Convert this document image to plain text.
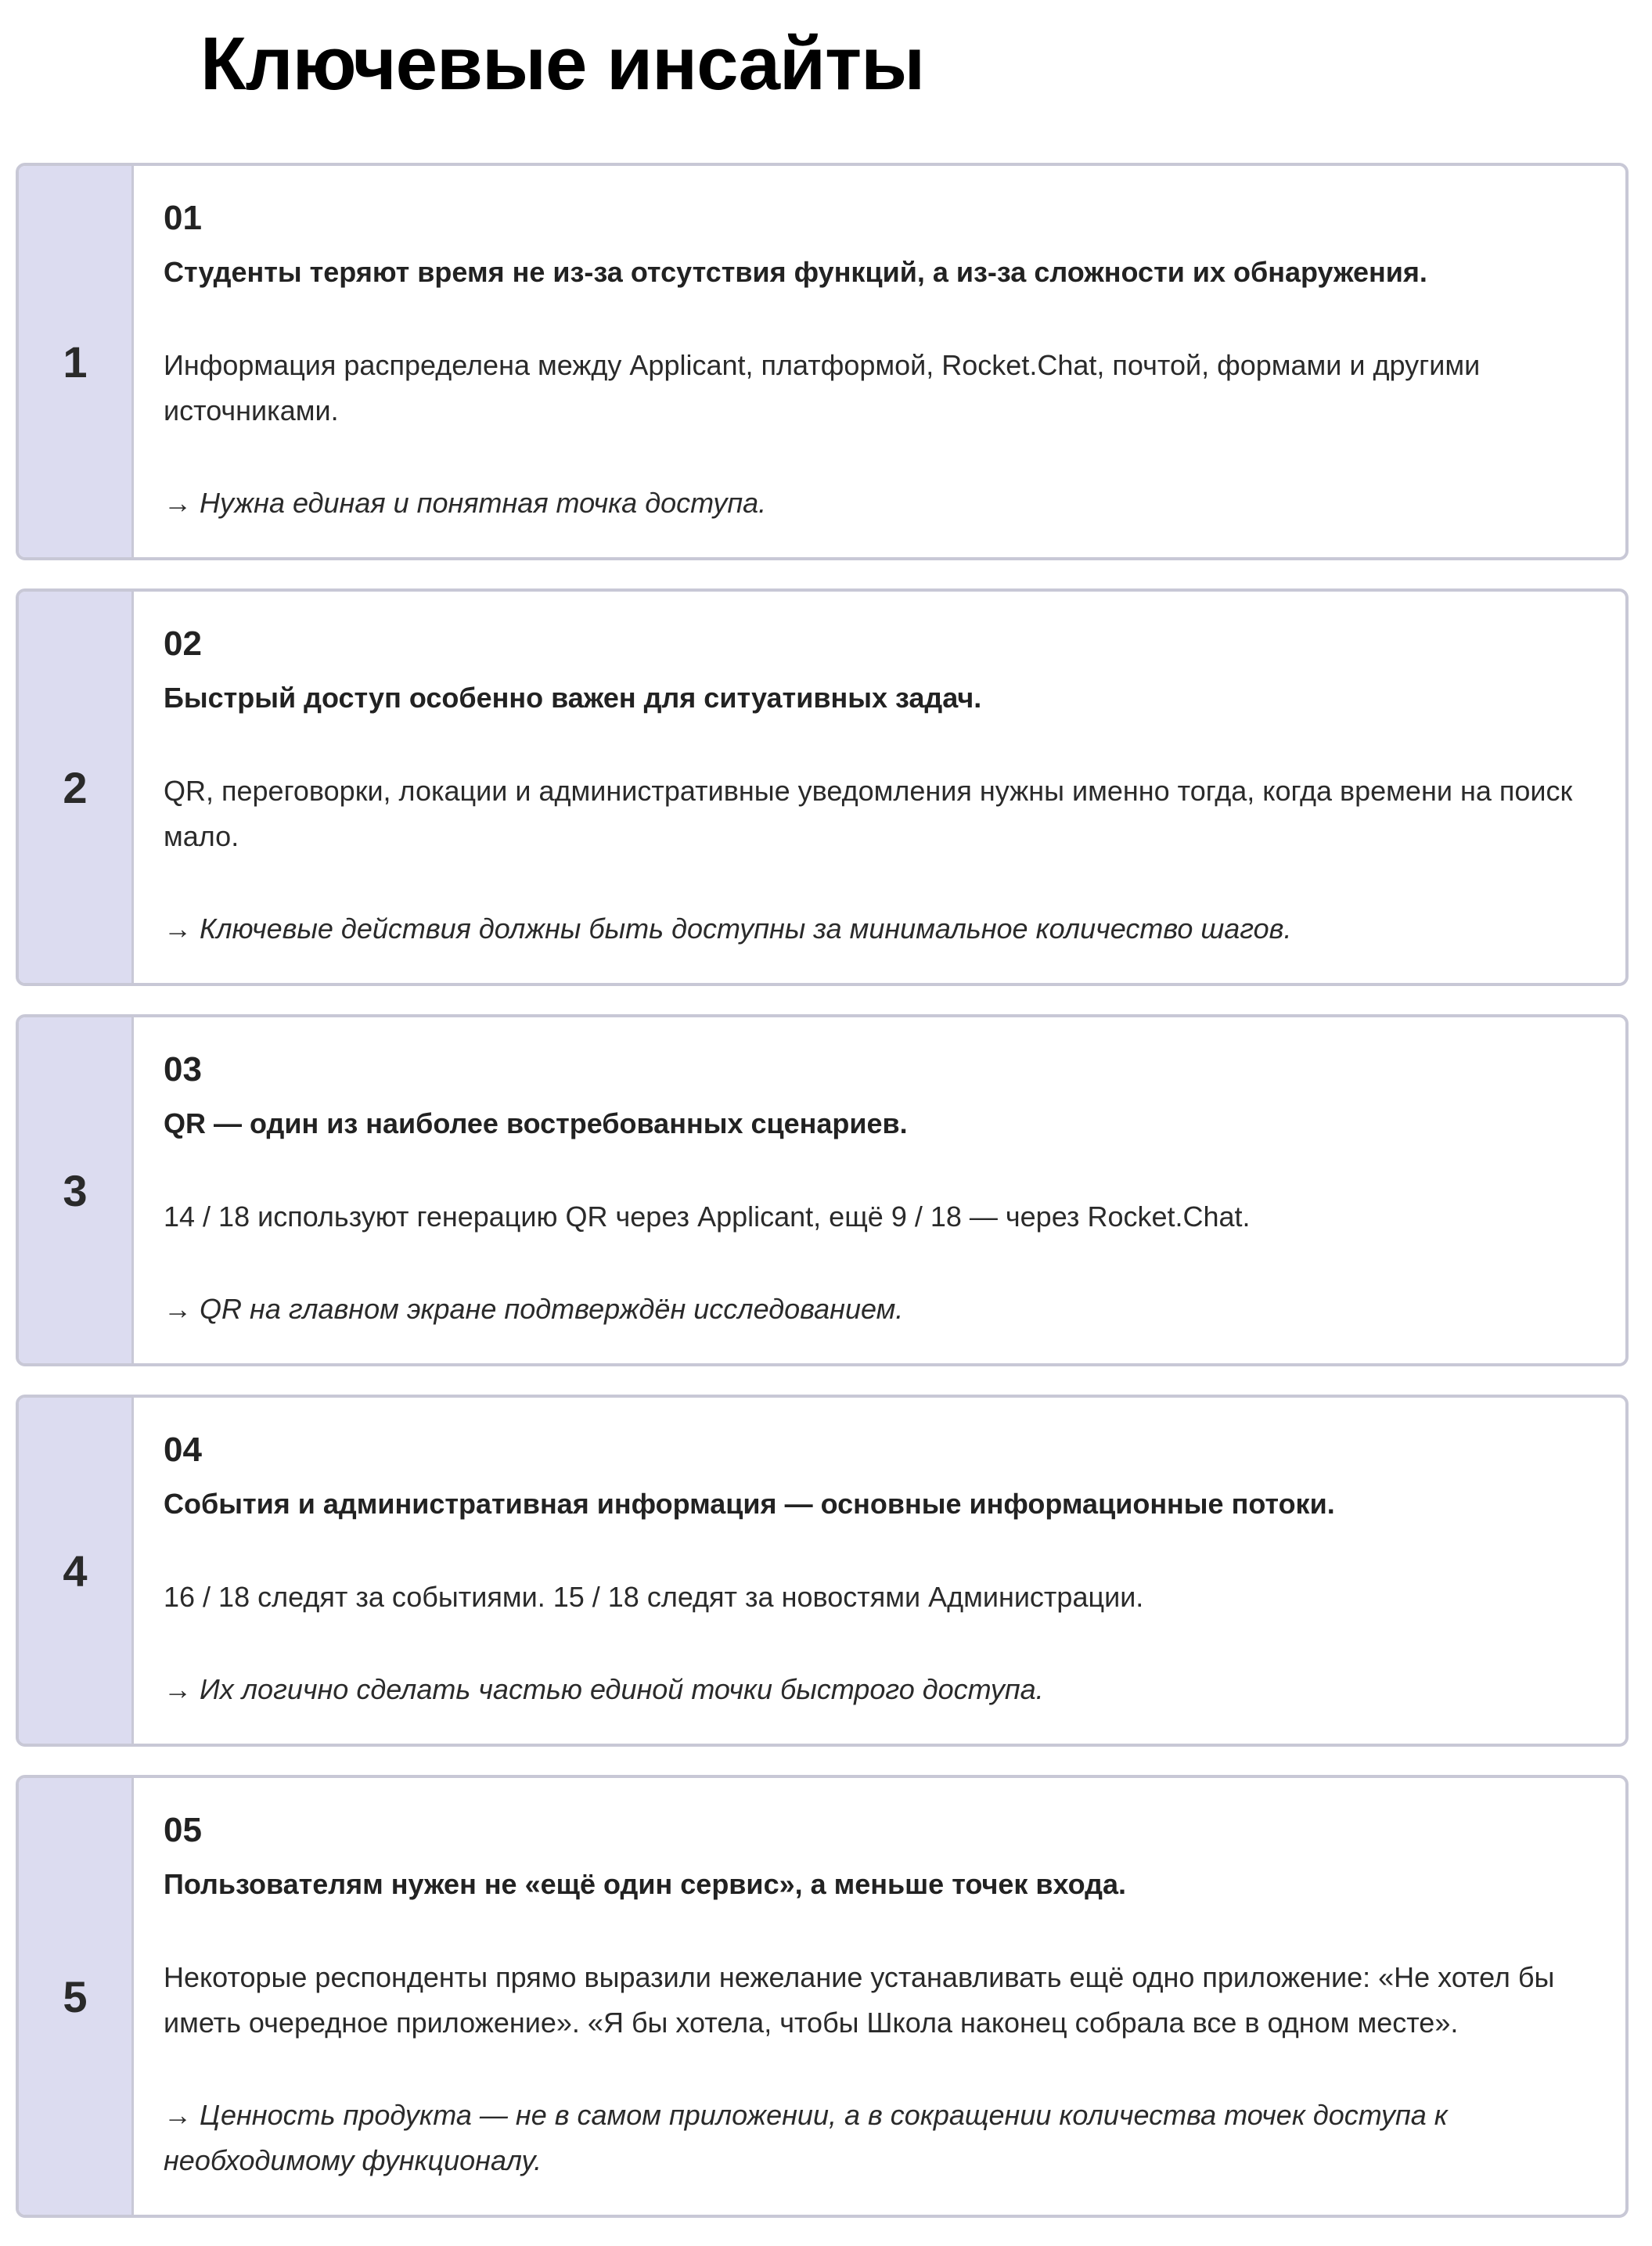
Ключевые инсайты
1
01
Студенты теряют время не из-за отсутствия функций, а из-за сложности их обнаружения.
Информация распределена между Applicant, платформой, Rocket.Chat, почтой, формами и другими источниками.
→ Нужна единая и понятная точка доступа.
2
02
Быстрый доступ особенно важен для ситуативных задач.
QR, переговорки, локации и административные уведомления нужны именно тогда, когда времени на поиск мало.
→ Ключевые действия должны быть доступны за минимальное количество шагов.
3
03
QR — один из наиболее востребованных сценариев.
14 / 18 используют генерацию QR через Applicant, ещё 9 / 18 — через Rocket.Chat.
→ QR на главном экране подтверждён исследованием.
4
04
События и административная информация — основные информационные потоки.
16 / 18 следят за событиями. 15 / 18 следят за новостями Администрации.
→ Их логично сделать частью единой точки быстрого доступа.
5
05
Пользователям нужен не «ещё один сервис», а меньше точек входа.
Некоторые респонденты прямо выразили нежелание устанавливать ещё одно приложение: «Не хотел бы иметь очередное приложение». «Я бы хотела, чтобы Школа наконец собрала все в одном месте».
→ Ценность продукта — не в самом приложении, а в сокращении количества точек доступа к необходимому функционалу.
